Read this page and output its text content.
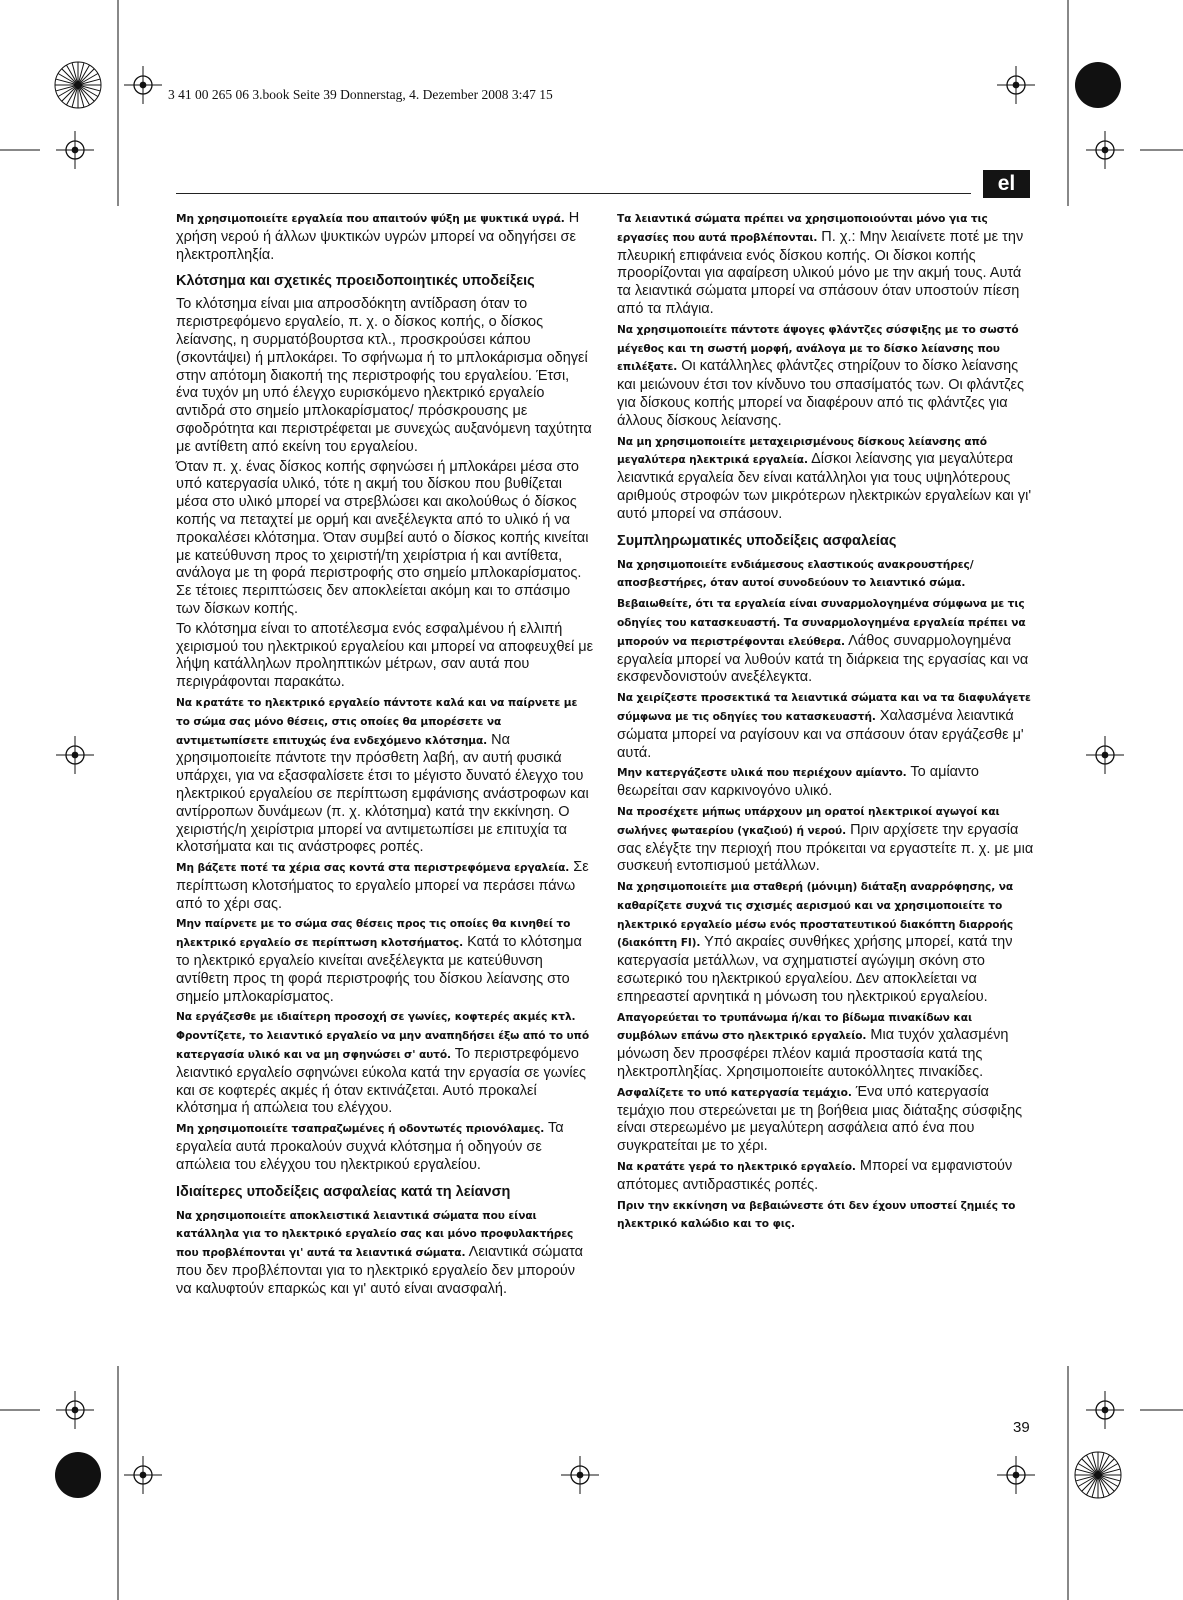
3 41 00 265 06 3.book Seite 39 Donnerstag, 4. Dezember 2008 3:47 15
el

Μη χρησιμοποιείτε εργαλεία που απαιτούν ψύξη με ψυκτικά υγρά. Η χρήση νερού ή άλλων ψυκτικών υγρών μπορεί να οδηγήσει σε ηλεκτροπληξία.

Κλότσημα και σχετικές προειδοποιητικές υποδείξεις

Το κλότσημα είναι μια απροσδόκητη αντίδραση όταν το περιστρεφόμενο εργαλείο, π. χ. ο δίσκος κοπής, ο δίσκος λείανσης, η συρματόβουρτσα κτλ., προσκρούσει κάπου (σκοντάψει) ή μπλοκάρει. Το σφήνωμα ή το μπλοκάρισμα οδηγεί στην απότομη διακοπή της περιστροφής του εργαλείου. Έτσι, ένα τυχόν μη υπό έλεγχο ευρισκόμενο ηλεκτρικό εργαλείο αντιδρά στο σημείο μπλοκαρίσματος/ πρόσκρουσης με σφοδρότητα και περιστρέφεται με συνεχώς αυξανόμενη ταχύτητα με αντίθετη από εκείνη του εργαλείου.

Όταν π. χ. ένας δίσκος κοπής σφηνώσει ή μπλοκάρει μέσα στο υπό κατεργασία υλικό, τότε η ακμή του δίσκου που βυθίζεται μέσα στο υλικό μπορεί να στρεβλώσει και ακολούθως ό δίσκος κοπής να πεταχτεί με ορμή και ανεξέλεγκτα από το υλικό ή να προκαλέσει κλότσημα. Όταν συμβεί αυτό ο δίσκος κοπής κινείται με κατεύθυνση προς το χειριστή/τη χειρίστρια ή και αντίθετα, ανάλογα με τη φορά περιστροφής στο σημείο μπλοκαρίσματος. Σε τέτοιες περιπτώσεις δεν αποκλείεται ακόμη και το σπάσιμο των δίσκων κοπής.

Το κλότσημα είναι το αποτέλεσμα ενός εσφαλμένου ή ελλιπή χειρισμού του ηλεκτρικού εργαλείου και μπορεί να αποφευχθεί με λήψη κατάλληλων προληπτικών μέτρων, σαν αυτά που περιγράφονται παρακάτω.

Να κρατάτε το ηλεκτρικό εργαλείο πάντοτε καλά και να παίρνετε με το σώμα σας μόνο θέσεις, στις οποίες θα μπορέσετε να αντιμετωπίσετε επιτυχώς ένα ενδεχόμενο κλότσημα. Να χρησιμοποιείτε πάντοτε την πρόσθετη λαβή, αν αυτή φυσικά υπάρχει, για να εξασφαλίσετε έτσι το μέγιστο δυνατό έλεγχο του ηλεκτρικού εργαλείου σε περίπτωση εμφάνισης ανάστροφων και αντίρροπων δυνάμεων (π. χ. κλότσημα) κατά την εκκίνηση. Ο χειριστής/η χειρίστρια μπορεί να αντιμετωπίσει με επιτυχία τα κλοτσήματα και τις ανάστροφες ροπές.

Μη βάζετε ποτέ τα χέρια σας κοντά στα περιστρεφόμενα εργαλεία. Σε περίπτωση κλοτσήματος το εργαλείο μπορεί να περάσει πάνω από το χέρι σας.

Μην παίρνετε με το σώμα σας θέσεις προς τις οποίες θα κινηθεί το ηλεκτρικό εργαλείο σε περίπτωση κλοτσήματος. Κατά το κλότσημα το ηλεκτρικό εργαλείο κινείται ανεξέλεγκτα με κατεύθυνση αντίθετη προς τη φορά περιστροφής του δίσκου λείανσης στο σημείο μπλοκαρίσματος.

Να εργάζεσθε με ιδιαίτερη προσοχή σε γωνίες, κοφτερές ακμές κτλ. Φροντίζετε, το λειαντικό εργαλείο να μην αναπηδήσει έξω από το υπό κατεργασία υλικό και να μη σφηνώσει σ' αυτό. Το περιστρεφόμενο λειαντικό εργαλείο σφηνώνει εύκολα κατά την εργασία σε γωνίες και σε κοφτερές ακμές ή όταν εκτινάζεται. Αυτό προκαλεί κλότσημα ή απώλεια του ελέγχου.

Μη χρησιμοποιείτε τσαπραζωμένες ή οδοντωτές πριονόλαμες. Τα εργαλεία αυτά προκαλούν συχνά κλότσημα ή οδηγούν σε απώλεια του ελέγχου του ηλεκτρικού εργαλείου.

Ιδιαίτερες υποδείξεις ασφαλείας κατά τη λείανση

Να χρησιμοποιείτε αποκλειστικά λειαντικά σώματα που είναι κατάλληλα για το ηλεκτρικό εργαλείο σας και μόνο προφυλακτήρες που προβλέπονται γι' αυτά τα λειαντικά σώματα. Λειαντικά σώματα που δεν προβλέπονται για το ηλεκτρικό εργαλείο δεν μπορούν να καλυφτούν επαρκώς και γι' αυτό είναι ανασφαλή.

Τα λειαντικά σώματα πρέπει να χρησιμοποιούνται μόνο για τις εργασίες που αυτά προβλέπονται. Π. χ.: Μην λειαίνετε ποτέ με την πλευρική επιφάνεια ενός δίσκου κοπής. Οι δίσκοι κοπής προορίζονται για αφαίρεση υλικού μόνο με την ακμή τους. Αυτά τα λειαντικά σώματα μπορεί να σπάσουν όταν υποστούν πίεση από τα πλάγια.

Να χρησιμοποιείτε πάντοτε άψογες φλάντζες σύσφιξης με το σωστό μέγεθος και τη σωστή μορφή, ανάλογα με το δίσκο λείανσης που επιλέξατε. Οι κατάλληλες φλάντζες στηρίζουν το δίσκο λείανσης και μειώνουν έτσι τον κίνδυνο του σπασίματός των. Οι φλάντζες για δίσκους κοπής μπορεί να διαφέρουν από τις φλάντζες για άλλους δίσκους λείανσης.

Να μη χρησιμοποιείτε μεταχειρισμένους δίσκους λείανσης από μεγαλύτερα ηλεκτρικά εργαλεία. Δίσκοι λείανσης για μεγαλύτερα λειαντικά εργαλεία δεν είναι κατάλληλοι για τους υψηλότερους αριθμούς στροφών των μικρότερων ηλεκτρικών εργαλείων και γι' αυτό μπορεί να σπάσουν.

Συμπληρωματικές υποδείξεις ασφαλείας

Να χρησιμοποιείτε ενδιάμεσους ελαστικούς ανακρουστήρες/ αποσβεστήρες, όταν αυτοί συνοδεύουν το λειαντικό σώμα.

Βεβαιωθείτε, ότι τα εργαλεία είναι συναρμολογημένα σύμφωνα με τις οδηγίες του κατασκευαστή. Τα συναρμολογημένα εργαλεία πρέπει να μπορούν να περιστρέφονται ελεύθερα. Λάθος συναρμολογημένα εργαλεία μπορεί να λυθούν κατά τη διάρκεια της εργασίας και να εκσφενδονιστούν ανεξέλεγκτα.

Να χειρίζεστε προσεκτικά τα λειαντικά σώματα και να τα διαφυλάγετε σύμφωνα με τις οδηγίες του κατασκευαστή. Χαλασμένα λειαντικά σώματα μπορεί να ραγίσουν και να σπάσουν όταν εργάζεσθε μ' αυτά.

Μην κατεργάζεστε υλικά που περιέχουν αμίαντο. Το αμίαντο θεωρείται σαν καρκινογόνο υλικό.

Να προσέχετε μήπως υπάρχουν μη ορατοί ηλεκτρικοί αγωγοί και σωλήνες φωταερίου (γκαζιού) ή νερού. Πριν αρχίσετε την εργασία σας ελέγξτε την περιοχή που πρόκειται να εργαστείτε π. χ. με μια συσκευή εντοπισμού μετάλλων.

Να χρησιμοποιείτε μια σταθερή (μόνιμη) διάταξη αναρρόφησης, να καθαρίζετε συχνά τις σχισμές αερισμού και να χρησιμοποιείτε το ηλεκτρικό εργαλείο μέσω ενός προστατευτικού διακόπτη διαρροής (διακόπτη FI). Υπό ακραίες συνθήκες χρήσης μπορεί, κατά την κατεργασία μετάλλων, να σχηματιστεί αγώγιμη σκόνη στο εσωτερικό του ηλεκτρικού εργαλείου. Δεν αποκλείεται να επηρεαστεί αρνητικά η μόνωση του ηλεκτρικού εργαλείου.

Απαγορεύεται το τρυπάνωμα ή/και το βίδωμα πινακίδων και συμβόλων επάνω στο ηλεκτρικό εργαλείο. Μια τυχόν χαλασμένη μόνωση δεν προσφέρει πλέον καμιά προστασία κατά της ηλεκτροπληξίας. Χρησιμοποιείτε αυτοκόλλητες πινακίδες.

Ασφαλίζετε το υπό κατεργασία τεμάχιο. Ένα υπό κατεργασία τεμάχιο που στερεώνεται με τη βοήθεια μιας διάταξης σύσφιξης είναι στερεωμένο με μεγαλύτερη ασφάλεια από ένα που συγκρατείται με το χέρι.

Να κρατάτε γερά το ηλεκτρικό εργαλείο. Μπορεί να εμφανιστούν απότομες αντιδραστικές ροπές.

Πριν την εκκίνηση να βεβαιώνεστε ότι δεν έχουν υποστεί ζημιές το ηλεκτρικό καλώδιο και το φις.

39
